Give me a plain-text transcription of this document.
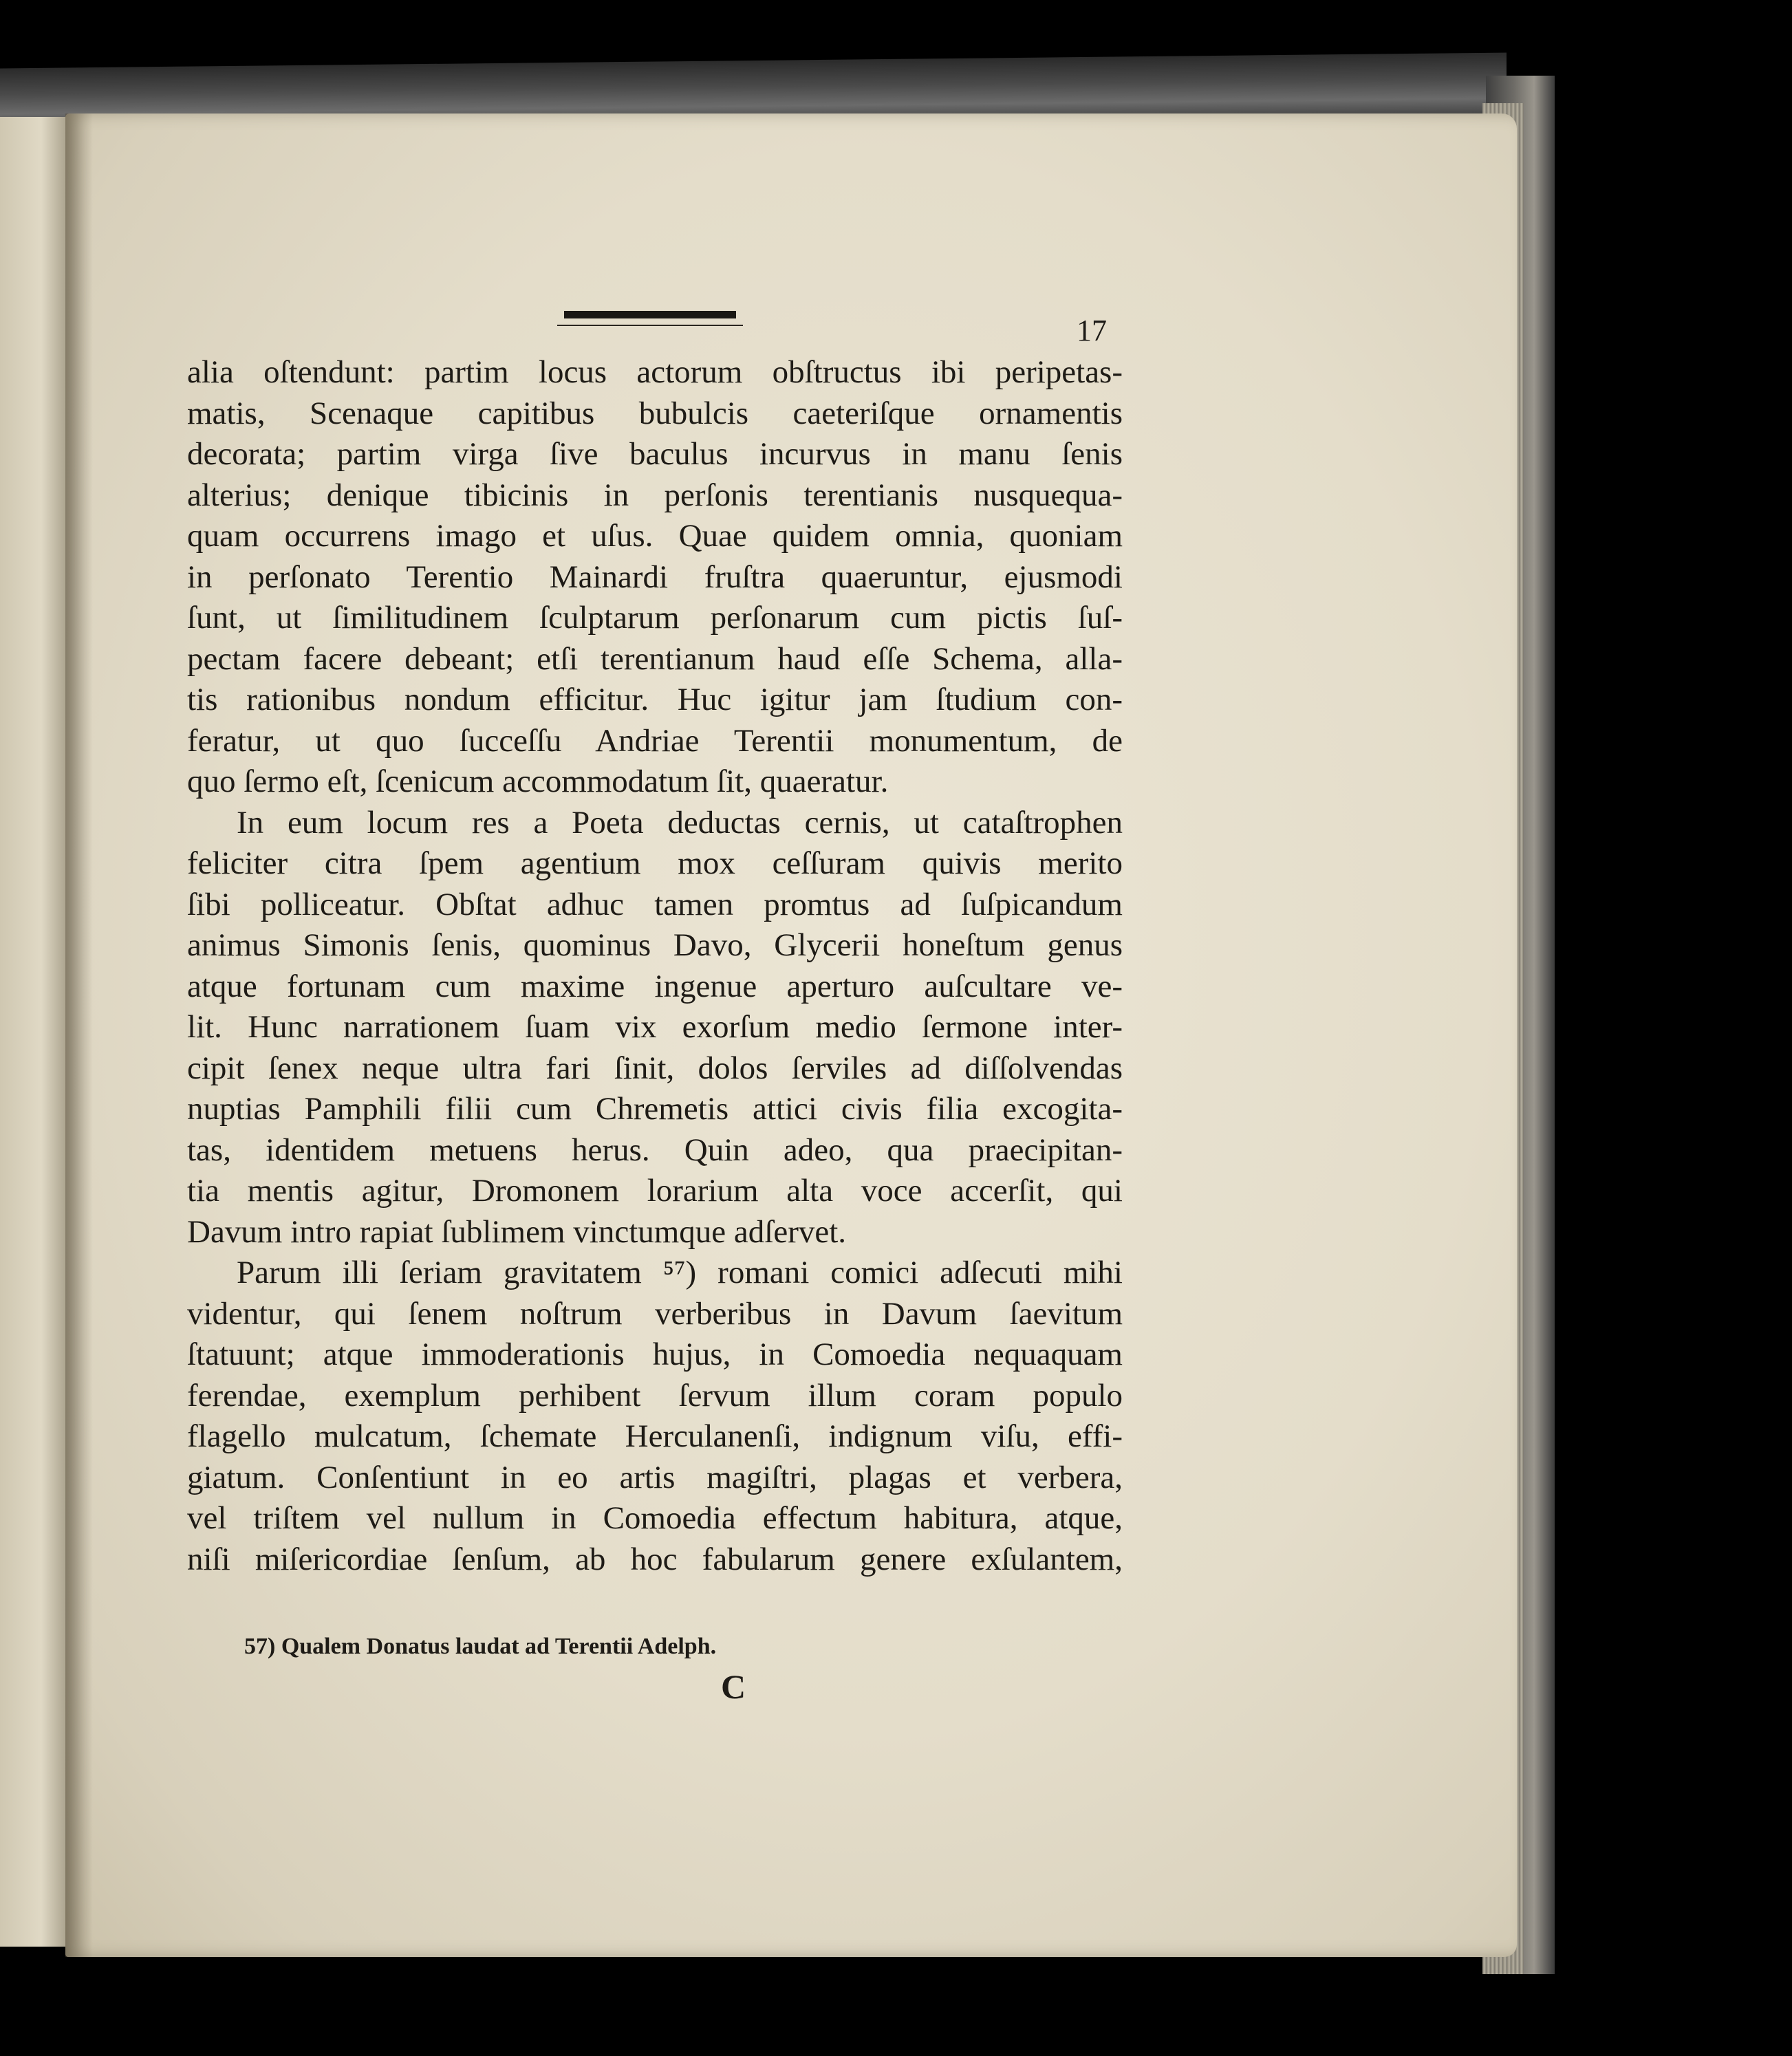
17
alia oſtendunt: partim locus actorum obſtructus ibi peripetas-
matis, Scenaque capitibus bubulcis caeteriſque ornamentis
decorata; partim virga ſive baculus incurvus in manu ſenis
alterius; denique tibicinis in perſonis terentianis nusquequa-
quam occurrens imago et uſus. Quae quidem omnia, quoniam
in perſonato Terentio Mainardi fruſtra quaeruntur, ejusmodi
ſunt, ut ſimilitudinem ſculptarum perſonarum cum pictis ſuſ-
pectam facere debeant; etſi terentianum haud eſſe Schema, alla-
tis rationibus nondum efficitur. Huc igitur jam ſtudium con-
feratur, ut quo ſucceſſu Andriae Terentii monumentum, de
quo ſermo eſt, ſcenicum accommodatum ſit, quaeratur.
In eum locum res a Poeta deductas cernis, ut cataſtrophen
feliciter citra ſpem agentium mox ceſſuram quivis merito
ſibi polliceatur. Obſtat adhuc tamen promtus ad ſuſpicandum
animus Simonis ſenis, quominus Davo, Glycerii honeſtum genus
atque fortunam cum maxime ingenue aperturo auſcultare ve-
lit. Hunc narrationem ſuam vix exorſum medio ſermone inter-
cipit ſenex neque ultra fari ſinit, dolos ſerviles ad diſſolvendas
nuptias Pamphili filii cum Chremetis attici civis filia excogita-
tas, identidem metuens herus. Quin adeo, qua praecipitan-
tia mentis agitur, Dromonem lorarium alta voce accerſit, qui
Davum intro rapiat ſublimem vinctumque adſervet.
Parum illi ſeriam gravitatem ⁵⁷) romani comici adſecuti mihi
videntur, qui ſenem noſtrum verberibus in Davum ſaevitum
ſtatuunt; atque immoderationis hujus, in Comoedia nequaquam
ferendae, exemplum perhibent ſervum illum coram populo
flagello mulcatum, ſchemate Herculanenſi, indignum viſu, effi-
giatum. Conſentiunt in eo artis magiſtri, plagas et verbera,
vel triſtem vel nullum in Comoedia effectum habitura, atque,
niſi miſericordiae ſenſum, ab hoc fabularum genere exſulantem,
57) Qualem Donatus laudat ad Terentii Adelph.
C
